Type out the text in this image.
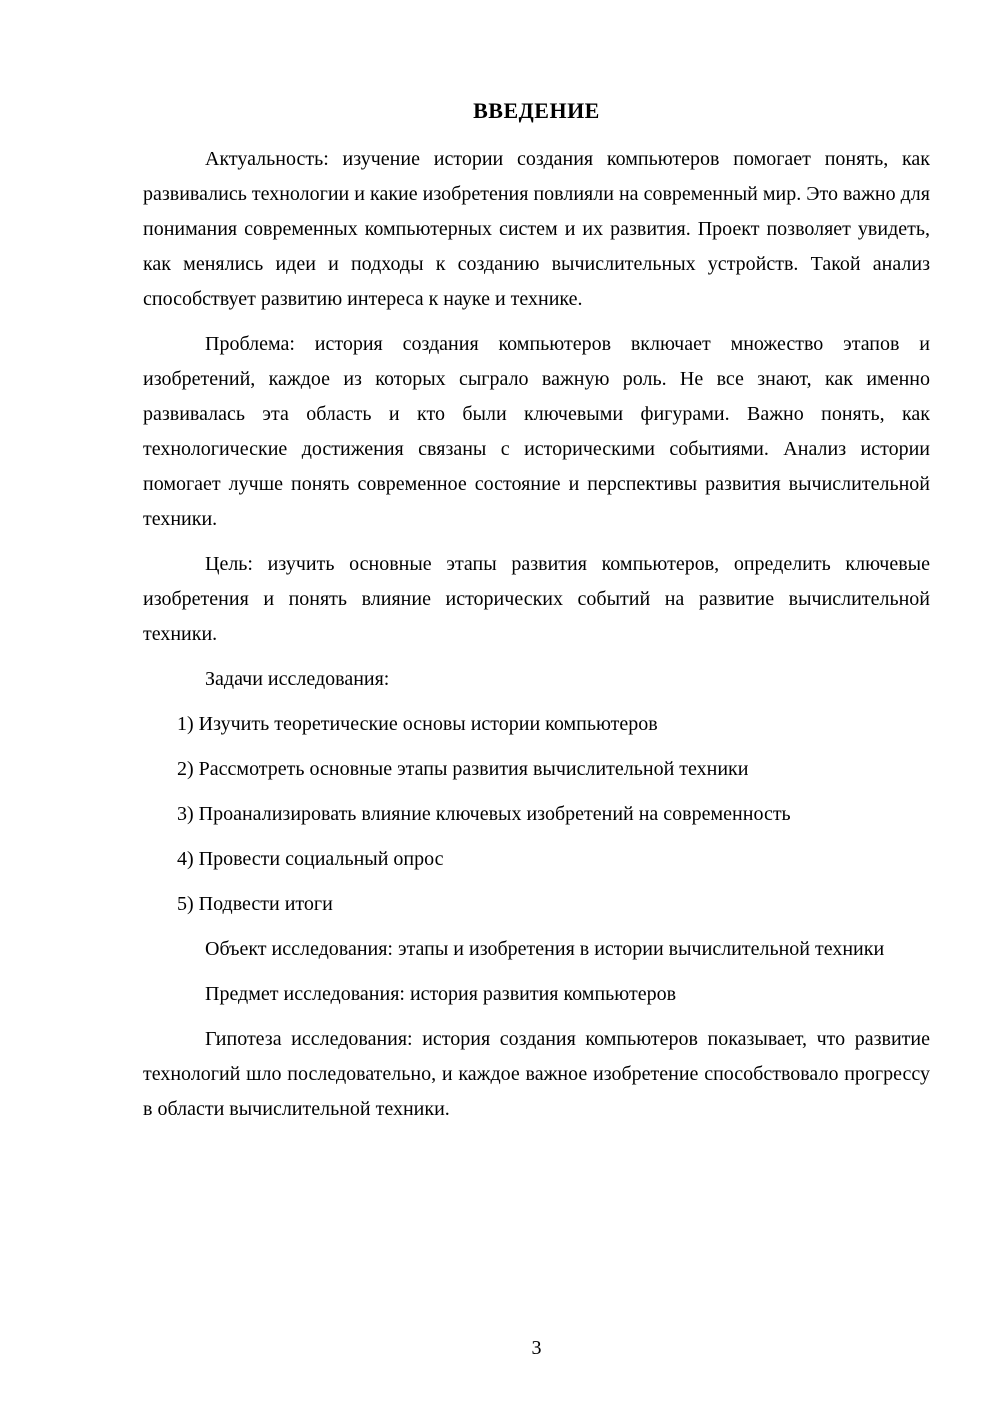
ВВЕДЕНИЕ

Актуальность: изучение истории создания компьютеров помогает понять, как развивались технологии и какие изобретения повлияли на современный мир. Это важно для понимания современных компьютерных систем и их развития. Проект позволяет увидеть, как менялись идеи и подходы к созданию вычислительных устройств. Такой анализ способствует развитию интереса к науке и технике.

Проблема: история создания компьютеров включает множество этапов и изобретений, каждое из которых сыграло важную роль. Не все знают, как именно развивалась эта область и кто были ключевыми фигурами. Важно понять, как технологические достижения связаны с историческими событиями. Анализ истории помогает лучше понять современное состояние и перспективы развития вычислительной техники.

Цель: изучить основные этапы развития компьютеров, определить ключевые изобретения и понять влияние исторических событий на развитие вычислительной техники.

Задачи исследования:

1) Изучить теоретические основы истории компьютеров

2) Рассмотреть основные этапы развития вычислительной техники

3) Проанализировать влияние ключевых изобретений на современность

4) Провести социальный опрос

5) Подвести итоги

Объект исследования: этапы и изобретения в истории вычислительной техники

Предмет исследования: история развития компьютеров

Гипотеза исследования: история создания компьютеров показывает, что развитие технологий шло последовательно, и каждое важное изобретение способствовало прогрессу в области вычислительной техники.

3
